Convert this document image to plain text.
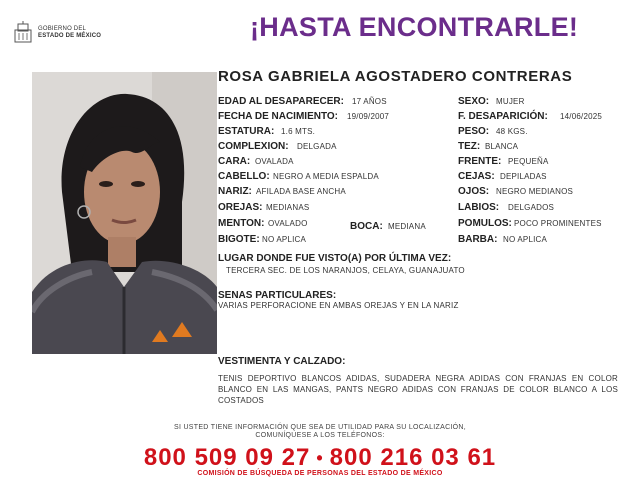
GOBIERNO DEL
ESTADO DE MÉXICO	¡HASTA ENCONTRARLE!
ROSA GABRIELA AGOSTADERO CONTRERAS
EDAD AL DESAPARECER: 17 AÑOS	SEXO: MUJER
FECHA DE NACIMIENTO: 19/09/2007	F. DESAPARICIÓN: 14/06/2025
ESTATURA: 1.6 MTS.	PESO: 48 KGS.
COMPLEXION: DELGADA	TEZ: BLANCA
CARA: OVALADA	FRENTE: PEQUEÑA
CABELLO: NEGRO A MEDIA ESPALDA	CEJAS: DEPILADAS
NARIZ: AFILADA BASE ANCHA	OJOS: NEGRO MEDIANOS
OREJAS: MEDIANAS	LABIOS: DELGADOS
MENTON: OVALADO	BOCA: MEDIANA	POMULOS: POCO PROMINENTES
BIGOTE: NO APLICA	BARBA: NO APLICA
LUGAR DONDE FUE VISTO(A) POR ÚLTIMA VEZ:
TERCERA SEC. DE LOS NARANJOS, CELAYA, GUANAJUATO
SENAS PARTICULARES:
VARIAS PERFORACIONE EN AMBAS OREJAS Y EN LA NARIZ
VESTIMENTA Y CALZADO:
TENIS DEPORTIVO BLANCOS ADIDAS, SUDADERA NEGRA ADIDAS CON FRANJAS EN COLOR BLANCO EN LAS MANGAS, PANTS NEGRO ADIDAS CON FRANJAS DE COLOR BLANCO A LOS COSTADOS
SI USTED TIENE INFORMACIÓN QUE SEA DE UTILIDAD PARA SU LOCALIZACIÓN,
COMUNÍQUESE A LOS TELÉFONOS:
800 509 09 27 • 800 216 03 61
COMISIÓN DE BÚSQUEDA DE PERSONAS DEL ESTADO DE MÉXICO
